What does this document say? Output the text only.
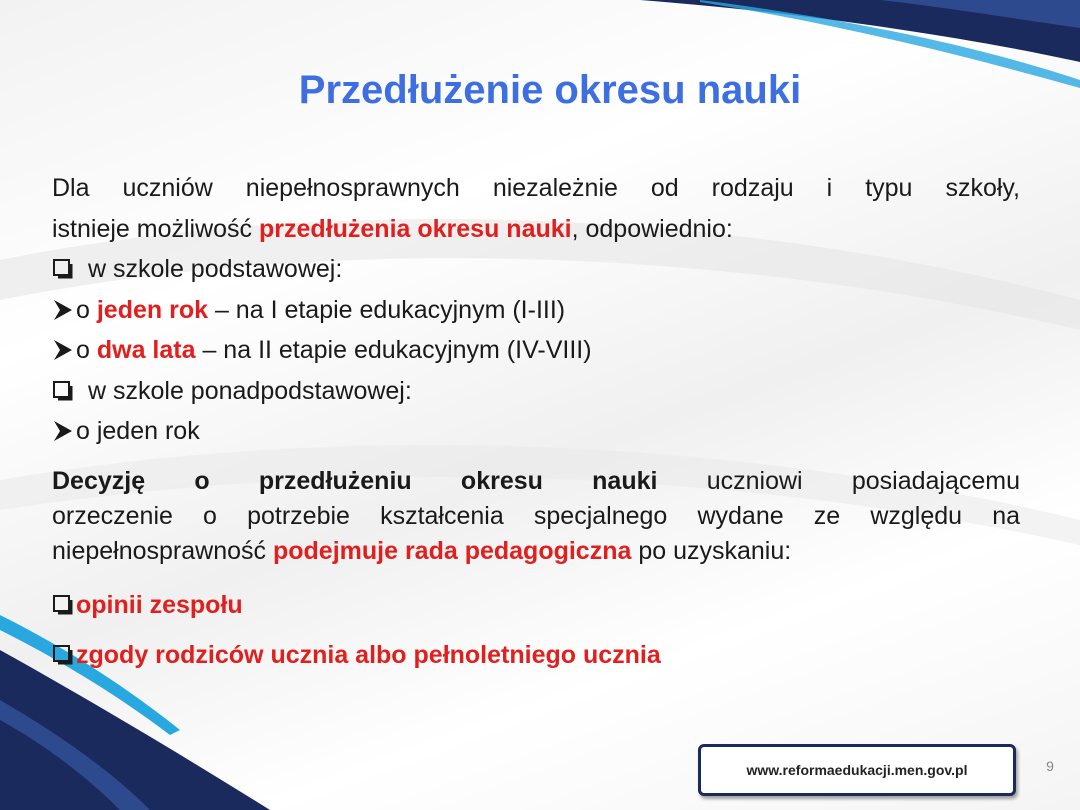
Przedłużenie okresu nauki
Dla uczniów niepełnosprawnych niezależnie od rodzaju i typu szkoły,
istnieje możliwość przedłużenia okresu nauki, odpowiednio:
w szkole podstawowej:
o jeden rok – na I etapie edukacyjnym (I-III)
o dwa lata – na II etapie edukacyjnym (IV-VIII)
w szkole ponadpodstawowej:
o jeden rok
Decyzję o przedłużeniu okresu nauki uczniowi posiadającemu
orzeczenie o potrzebie kształcenia specjalnego wydane ze względu na
niepełnosprawność podejmuje rada pedagogiczna po uzyskaniu:
opinii zespołu
zgody rodziców ucznia albo pełnoletniego ucznia
www.reformaedukacji.men.gov.pl	9
